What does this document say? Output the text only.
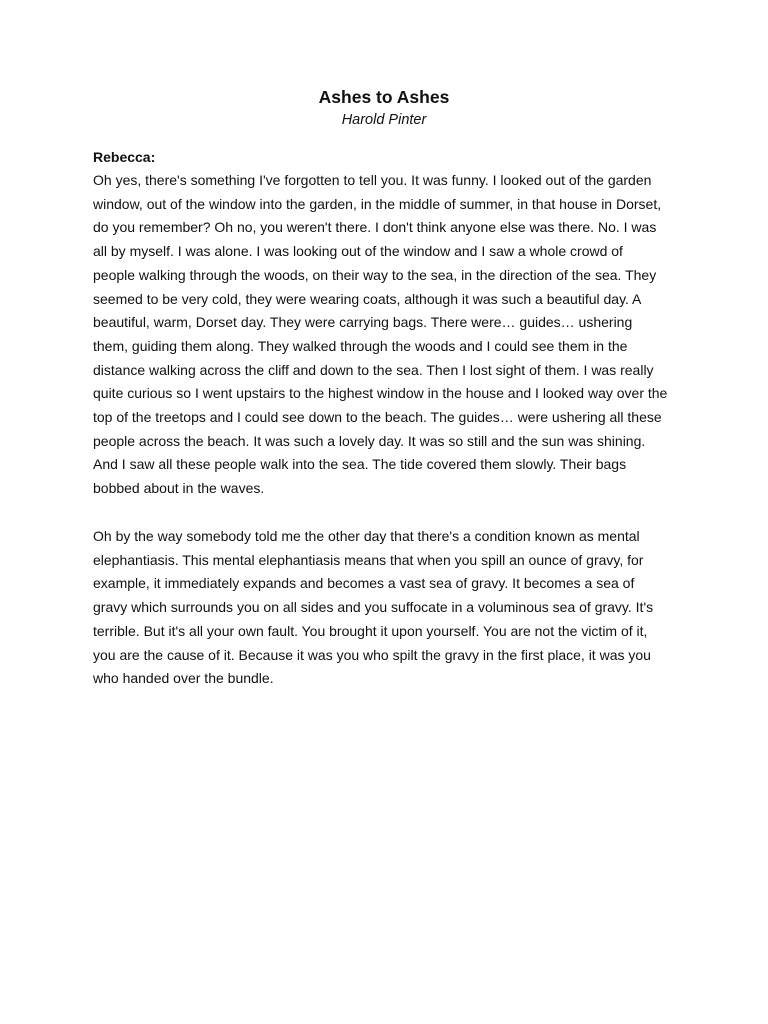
Ashes to Ashes
Harold Pinter
Rebecca:
Oh yes, there's something I've forgotten to tell you. It was funny. I looked out of the garden
window, out of the window into the garden, in the middle of summer, in that house in Dorset,
do you remember? Oh no, you weren't there. I don't think anyone else was there. No. I was
all by myself. I was alone. I was looking out of the window and I saw a whole crowd of
people walking through the woods, on their way to the sea, in the direction of the sea. They
seemed to be very cold, they were wearing coats, although it was such a beautiful day. A
beautiful, warm, Dorset day. They were carrying bags. There were… guides… ushering
them, guiding them along. They walked through the woods and I could see them in the
distance walking across the cliff and down to the sea. Then I lost sight of them. I was really
quite curious so I went upstairs to the highest window in the house and I looked way over the
top of the treetops and I could see down to the beach. The guides… were ushering all these
people across the beach. It was such a lovely day. It was so still and the sun was shining.
And I saw all these people walk into the sea. The tide covered them slowly. Their bags
bobbed about in the waves.
Oh by the way somebody told me the other day that there's a condition known as mental
elephantiasis. This mental elephantiasis means that when you spill an ounce of gravy, for
example, it immediately expands and becomes a vast sea of gravy. It becomes a sea of
gravy which surrounds you on all sides and you suffocate in a voluminous sea of gravy. It's
terrible. But it's all your own fault. You brought it upon yourself. You are not the victim of it,
you are the cause of it. Because it was you who spilt the gravy in the first place, it was you
who handed over the bundle.
